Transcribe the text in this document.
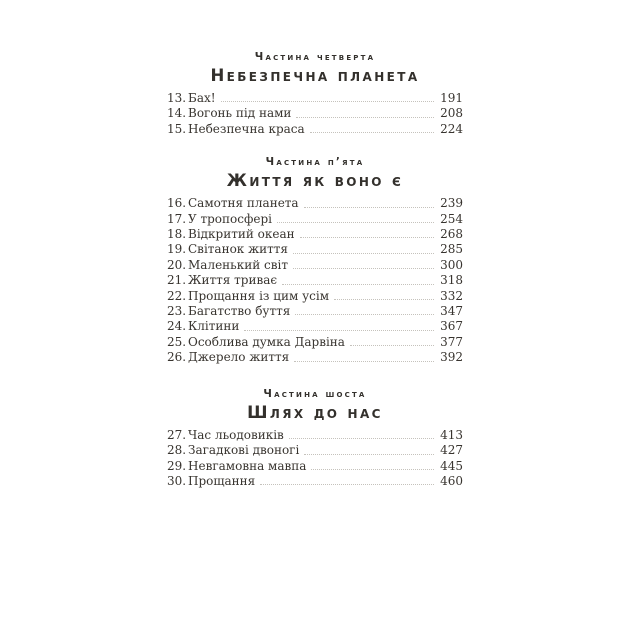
Частина четверта
Небезпечна планета
13. Бах!	191
14. Вогонь під нами	208
15. Небезпечна краса	224
Частина п’ята
Життя як воно є
16. Самотня планета	239
17. У тропосфері	254
18. Відкритий океан	268
19. Світанок життя	285
20. Маленький світ	300
21. Життя триває	318
22. Прощання із цим усім	332
23. Багатство буття	347
24. Клітини	367
25. Особлива думка Дарвіна	377
26. Джерело життя	392
Частина шоста
Шлях до нас
27. Час льодовиків	413
28. Загадкові двоногі	427
29. Невгамовна мавпа	445
30. Прощання	460
